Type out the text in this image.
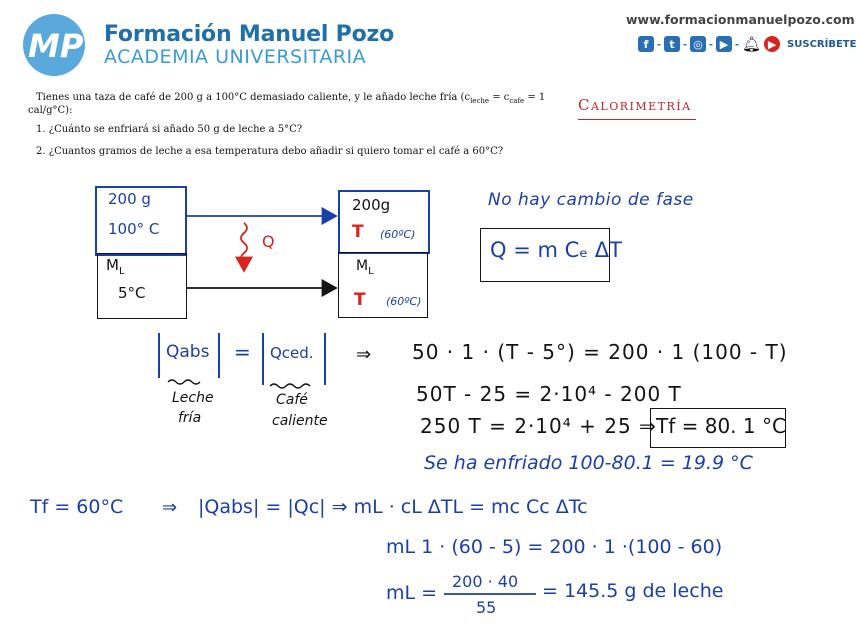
MP Formación Manuel Pozo
ACADEMIA UNIVERSITARIA
www.formacionmanuelpozo.com
f - t - ◎ - ▶ - 🔔︎ ▶	SUSCRÍBETE
Tienes una taza de café de 200 g a 100°C demasiado caliente, y le añado leche fría ($c_{leche} = c_{cafe} = 1$
cal/g°C):
1. ¿Cuánto se enfriará si añado 50 g de leche a 5°C?
2. ¿Cuantos gramos de leche a esa temperatura debo añadir si quiero tomar el café a 60°C?
Calorimetría
200 g
100° C
$M_L$
5°C
Q
200g
T (60ºC)
$M_L$
T (60ºC)
No hay cambio de fase
Q = m Cₑ ΔT
Qabs = Qced. ⇒ 50 · 1 · (T - 5°) = 200 · 1 (100 - T)
Leche
fría
Café
caliente
50T - 25 = 2·10⁴ - 200 T
250 T = 2·10⁴ + 25 ⇒ Tf = 80. 1 °C
Se ha enfriado 100-80.1 = 19.9 °C
Tf = 60°C ⇒ |Qabs| = |Qc| ⇒ mL · cL ΔTL = mc Cc ΔTc
mL 1 · (60 - 5) = 200 · 1 ·(100 - 60)
mL =
200 · 40
55
= 145.5 g de leche
